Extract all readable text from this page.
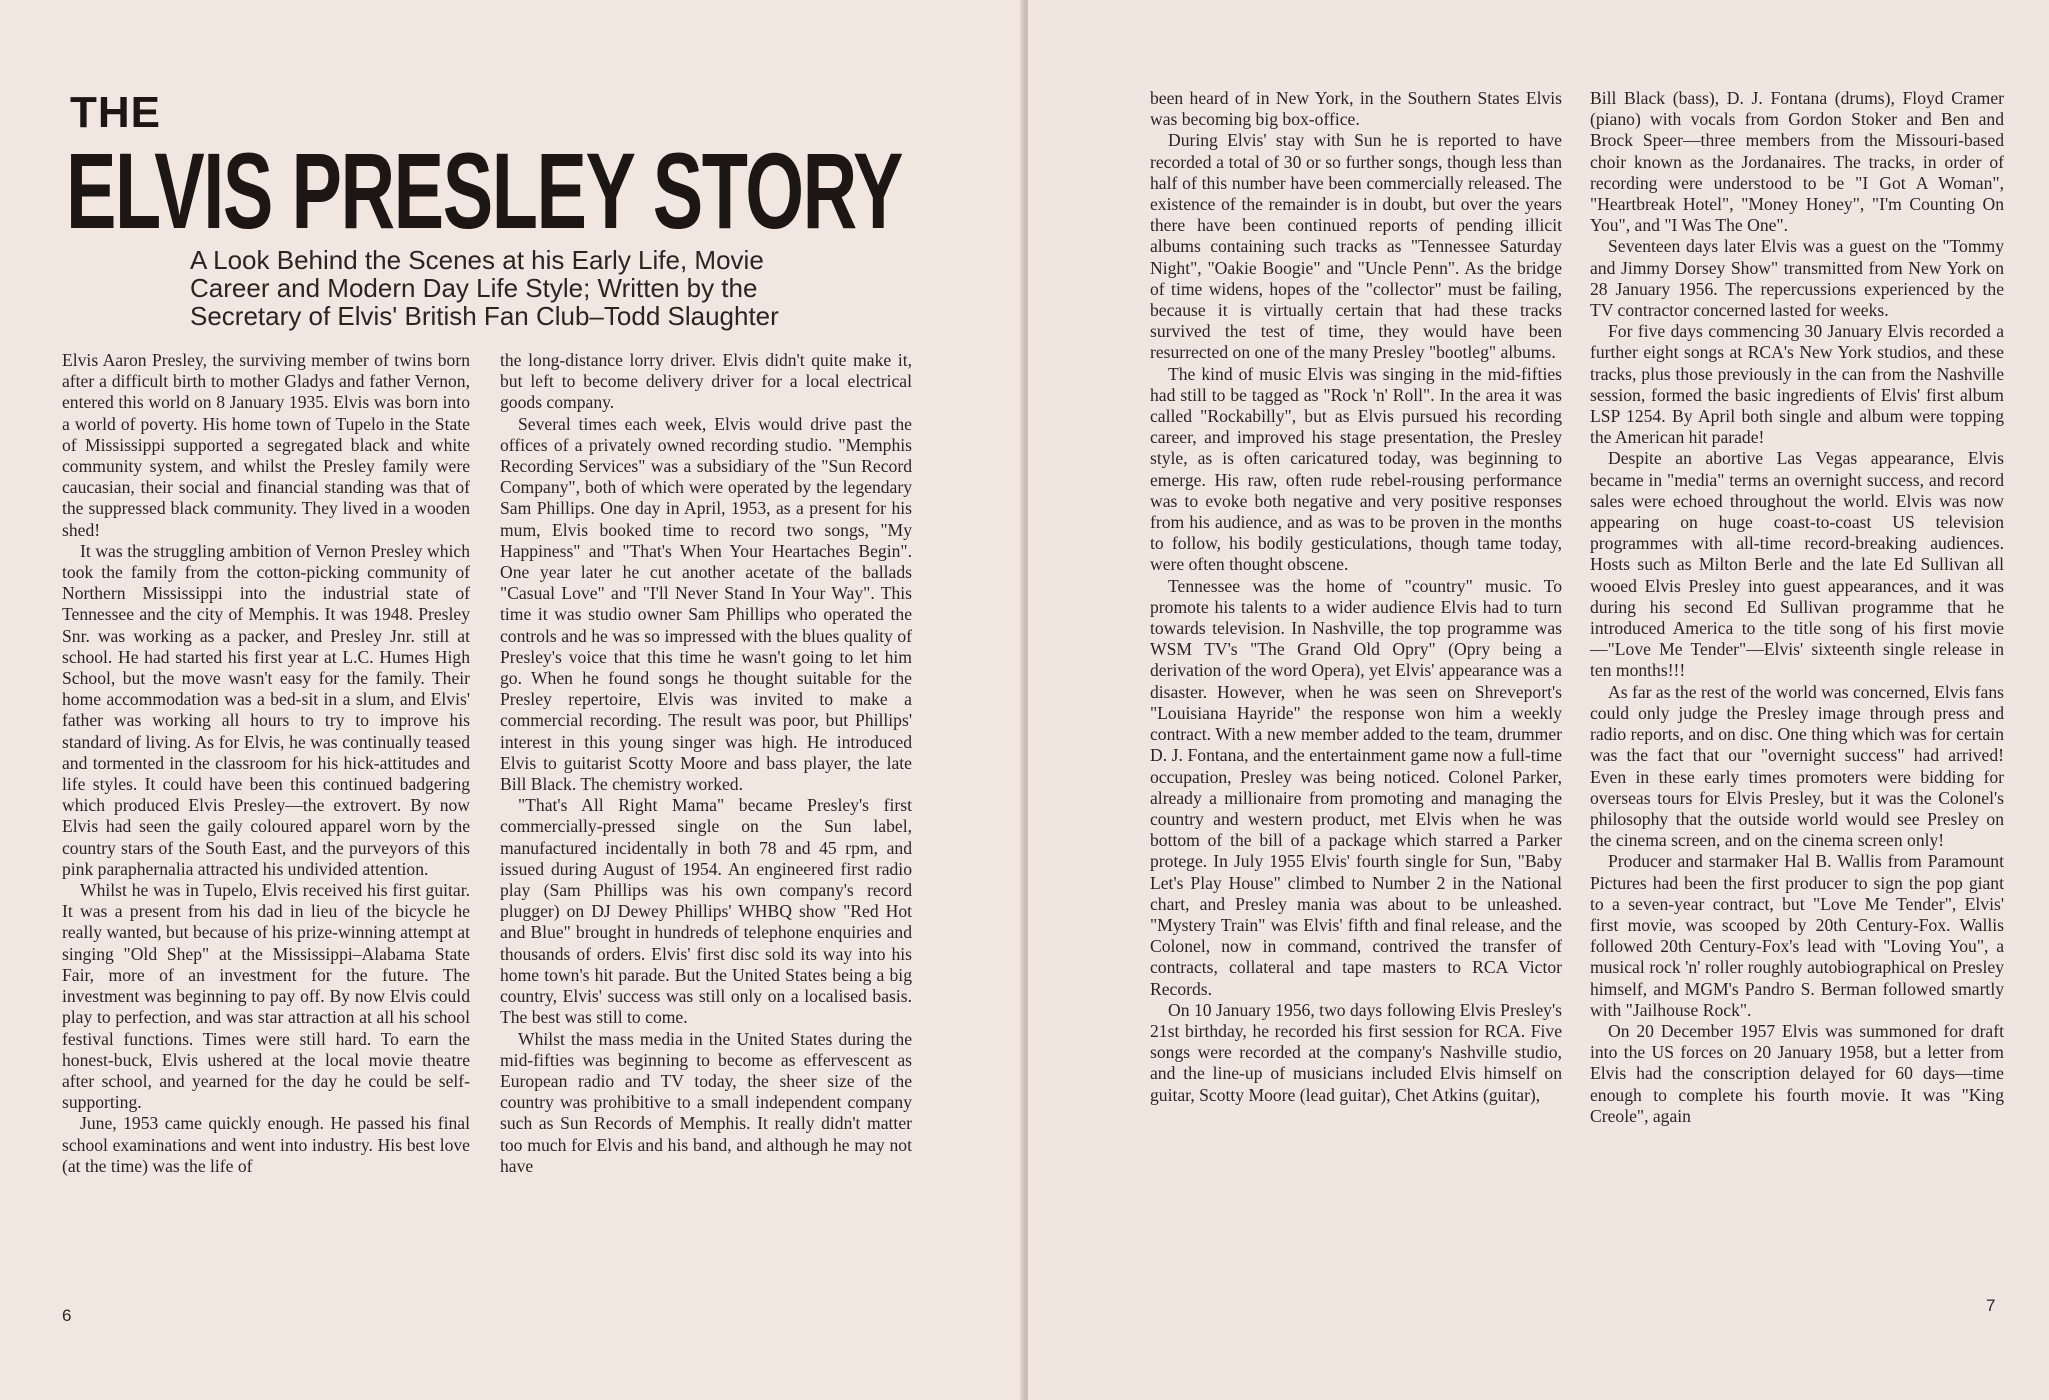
THE
ELVIS PRESLEY STORY

A Look Behind the Scenes at his Early Life, Movie Career and Modern Day Life Style; Written by the Secretary of Elvis' British Fan Club–Todd Slaughter

Elvis Aaron Presley, the surviving member of twins born after a difficult birth to mother Gladys and father Vernon, entered this world on 8 January 1935. Elvis was born into a world of poverty. His home town of Tupelo in the State of Mississippi supported a segregated black and white community system, and whilst the Presley family were caucasian, their social and financial standing was that of the suppressed black community. They lived in a wooden shed!

It was the struggling ambition of Vernon Presley which took the family from the cotton-picking community of Northern Mississippi into the industrial state of Tennessee and the city of Memphis. It was 1948. Presley Snr. was working as a packer, and Presley Jnr. still at school. He had started his first year at L.C. Humes High School, but the move wasn't easy for the family. Their home accommodation was a bed-sit in a slum, and Elvis' father was working all hours to try to improve his standard of living. As for Elvis, he was continually teased and tormented in the classroom for his hick-attitudes and life styles. It could have been this continued badgering which produced Elvis Presley—the extrovert. By now Elvis had seen the gaily coloured apparel worn by the country stars of the South East, and the purveyors of this pink paraphernalia attracted his undivided attention.

Whilst he was in Tupelo, Elvis received his first guitar. It was a present from his dad in lieu of the bicycle he really wanted, but because of his prize-winning attempt at singing "Old Shep" at the Mississippi–Alabama State Fair, more of an investment for the future. The investment was beginning to pay off. By now Elvis could play to perfection, and was star attraction at all his school festival functions. Times were still hard. To earn the honest-buck, Elvis ushered at the local movie theatre after school, and yearned for the day he could be self-supporting.

June, 1953 came quickly enough. He passed his final school examinations and went into industry. His best love (at the time) was the life of

the long-distance lorry driver. Elvis didn't quite make it, but left to become delivery driver for a local electrical goods company.

Several times each week, Elvis would drive past the offices of a privately owned recording studio. "Memphis Recording Services" was a subsidiary of the "Sun Record Company", both of which were operated by the legendary Sam Phillips. One day in April, 1953, as a present for his mum, Elvis booked time to record two songs, "My Happiness" and "That's When Your Heartaches Begin". One year later he cut another acetate of the ballads "Casual Love" and "I'll Never Stand In Your Way". This time it was studio owner Sam Phillips who operated the controls and he was so impressed with the blues quality of Presley's voice that this time he wasn't going to let him go. When he found songs he thought suitable for the Presley repertoire, Elvis was invited to make a commercial recording. The result was poor, but Phillips' interest in this young singer was high. He introduced Elvis to guitarist Scotty Moore and bass player, the late Bill Black. The chemistry worked.

"That's All Right Mama" became Presley's first commercially-pressed single on the Sun label, manufactured incidentally in both 78 and 45 rpm, and issued during August of 1954. An engineered first radio play (Sam Phillips was his own company's record plugger) on DJ Dewey Phillips' WHBQ show "Red Hot and Blue" brought in hundreds of telephone enquiries and thousands of orders. Elvis' first disc sold its way into his home town's hit parade. But the United States being a big country, Elvis' success was still only on a localised basis. The best was still to come.

Whilst the mass media in the United States during the mid-fifties was beginning to become as effervescent as European radio and TV today, the sheer size of the country was prohibitive to a small independent company such as Sun Records of Memphis. It really didn't matter too much for Elvis and his band, and although he may not have

6

been heard of in New York, in the Southern States Elvis was becoming big box-office.

During Elvis' stay with Sun he is reported to have recorded a total of 30 or so further songs, though less than half of this number have been commercially released. The existence of the remainder is in doubt, but over the years there have been continued reports of pending illicit albums containing such tracks as "Tennessee Saturday Night", "Oakie Boogie" and "Uncle Penn". As the bridge of time widens, hopes of the "collector" must be failing, because it is virtually certain that had these tracks survived the test of time, they would have been resurrected on one of the many Presley "bootleg" albums.

The kind of music Elvis was singing in the mid-fifties had still to be tagged as "Rock 'n' Roll". In the area it was called "Rockabilly", but as Elvis pursued his recording career, and improved his stage presentation, the Presley style, as is often caricatured today, was beginning to emerge. His raw, often rude rebel-rousing performance was to evoke both negative and very positive responses from his audience, and as was to be proven in the months to follow, his bodily gesticulations, though tame today, were often thought obscene.

Tennessee was the home of "country" music. To promote his talents to a wider audience Elvis had to turn towards television. In Nashville, the top programme was WSM TV's "The Grand Old Opry" (Opry being a derivation of the word Opera), yet Elvis' appearance was a disaster. However, when he was seen on Shreveport's "Louisiana Hayride" the response won him a weekly contract. With a new member added to the team, drummer D. J. Fontana, and the entertainment game now a full-time occupation, Presley was being noticed. Colonel Parker, already a millionaire from promoting and managing the country and western product, met Elvis when he was bottom of the bill of a package which starred a Parker protege. In July 1955 Elvis' fourth single for Sun, "Baby Let's Play House" climbed to Number 2 in the National chart, and Presley mania was about to be unleashed. "Mystery Train" was Elvis' fifth and final release, and the Colonel, now in command, contrived the transfer of contracts, collateral and tape masters to RCA Victor Records.

On 10 January 1956, two days following Elvis Presley's 21st birthday, he recorded his first session for RCA. Five songs were recorded at the company's Nashville studio, and the line-up of musicians included Elvis himself on guitar, Scotty Moore (lead guitar), Chet Atkins (guitar),

Bill Black (bass), D. J. Fontana (drums), Floyd Cramer (piano) with vocals from Gordon Stoker and Ben and Brock Speer—three members from the Missouri-based choir known as the Jordanaires. The tracks, in order of recording were understood to be "I Got A Woman", "Heartbreak Hotel", "Money Honey", "I'm Counting On You", and "I Was The One".

Seventeen days later Elvis was a guest on the "Tommy and Jimmy Dorsey Show" transmitted from New York on 28 January 1956. The repercussions experienced by the TV contractor concerned lasted for weeks.

For five days commencing 30 January Elvis recorded a further eight songs at RCA's New York studios, and these tracks, plus those previously in the can from the Nashville session, formed the basic ingredients of Elvis' first album LSP 1254. By April both single and album were topping the American hit parade!

Despite an abortive Las Vegas appearance, Elvis became in "media" terms an overnight success, and record sales were echoed throughout the world. Elvis was now appearing on huge coast-to-coast US television programmes with all-time record-breaking audiences. Hosts such as Milton Berle and the late Ed Sullivan all wooed Elvis Presley into guest appearances, and it was during his second Ed Sullivan programme that he introduced America to the title song of his first movie—"Love Me Tender"—Elvis' sixteenth single release in ten months!!!

As far as the rest of the world was concerned, Elvis fans could only judge the Presley image through press and radio reports, and on disc. One thing which was for certain was the fact that our "overnight success" had arrived! Even in these early times promoters were bidding for overseas tours for Elvis Presley, but it was the Colonel's philosophy that the outside world would see Presley on the cinema screen, and on the cinema screen only!

Producer and starmaker Hal B. Wallis from Paramount Pictures had been the first producer to sign the pop giant to a seven-year contract, but "Love Me Tender", Elvis' first movie, was scooped by 20th Century-Fox. Wallis followed 20th Century-Fox's lead with "Loving You", a musical rock 'n' roller roughly autobiographical on Presley himself, and MGM's Pandro S. Berman followed smartly with "Jailhouse Rock".

On 20 December 1957 Elvis was summoned for draft into the US forces on 20 January 1958, but a letter from Elvis had the conscription delayed for 60 days—time enough to complete his fourth movie. It was "King Creole", again

7
